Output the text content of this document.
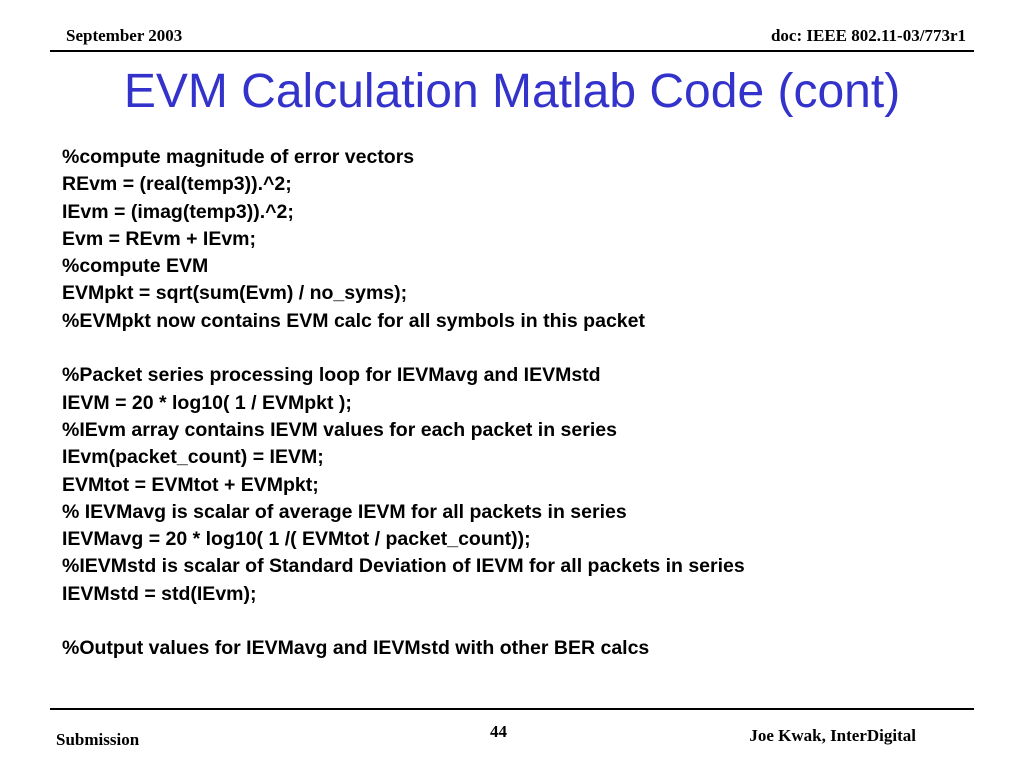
September 2003	doc: IEEE 802.11-03/773r1
EVM Calculation Matlab Code (cont)
%compute magnitude of error vectors
REvm = (real(temp3)).^2;
IEvm = (imag(temp3)).^2;
Evm = REvm + IEvm;
%compute EVM
EVMpkt = sqrt(sum(Evm) / no_syms);
%EVMpkt now contains EVM calc for all symbols in this packet
%Packet series processing loop for IEVMavg and IEVMstd
IEVM = 20 * log10( 1 / EVMpkt );
%IEvm array contains IEVM values for each packet in series
IEvm(packet_count) = IEVM;
EVMtot = EVMtot + EVMpkt;
% IEVMavg is scalar of average IEVM for all packets in series
IEVMavg = 20 * log10( 1 /( EVMtot / packet_count));
%IEVMstd is scalar of Standard Deviation of IEVM for all packets in series
IEVMstd = std(IEvm);
%Output values for IEVMavg and IEVMstd with other BER calcs
Submission	44	Joe Kwak, InterDigital
